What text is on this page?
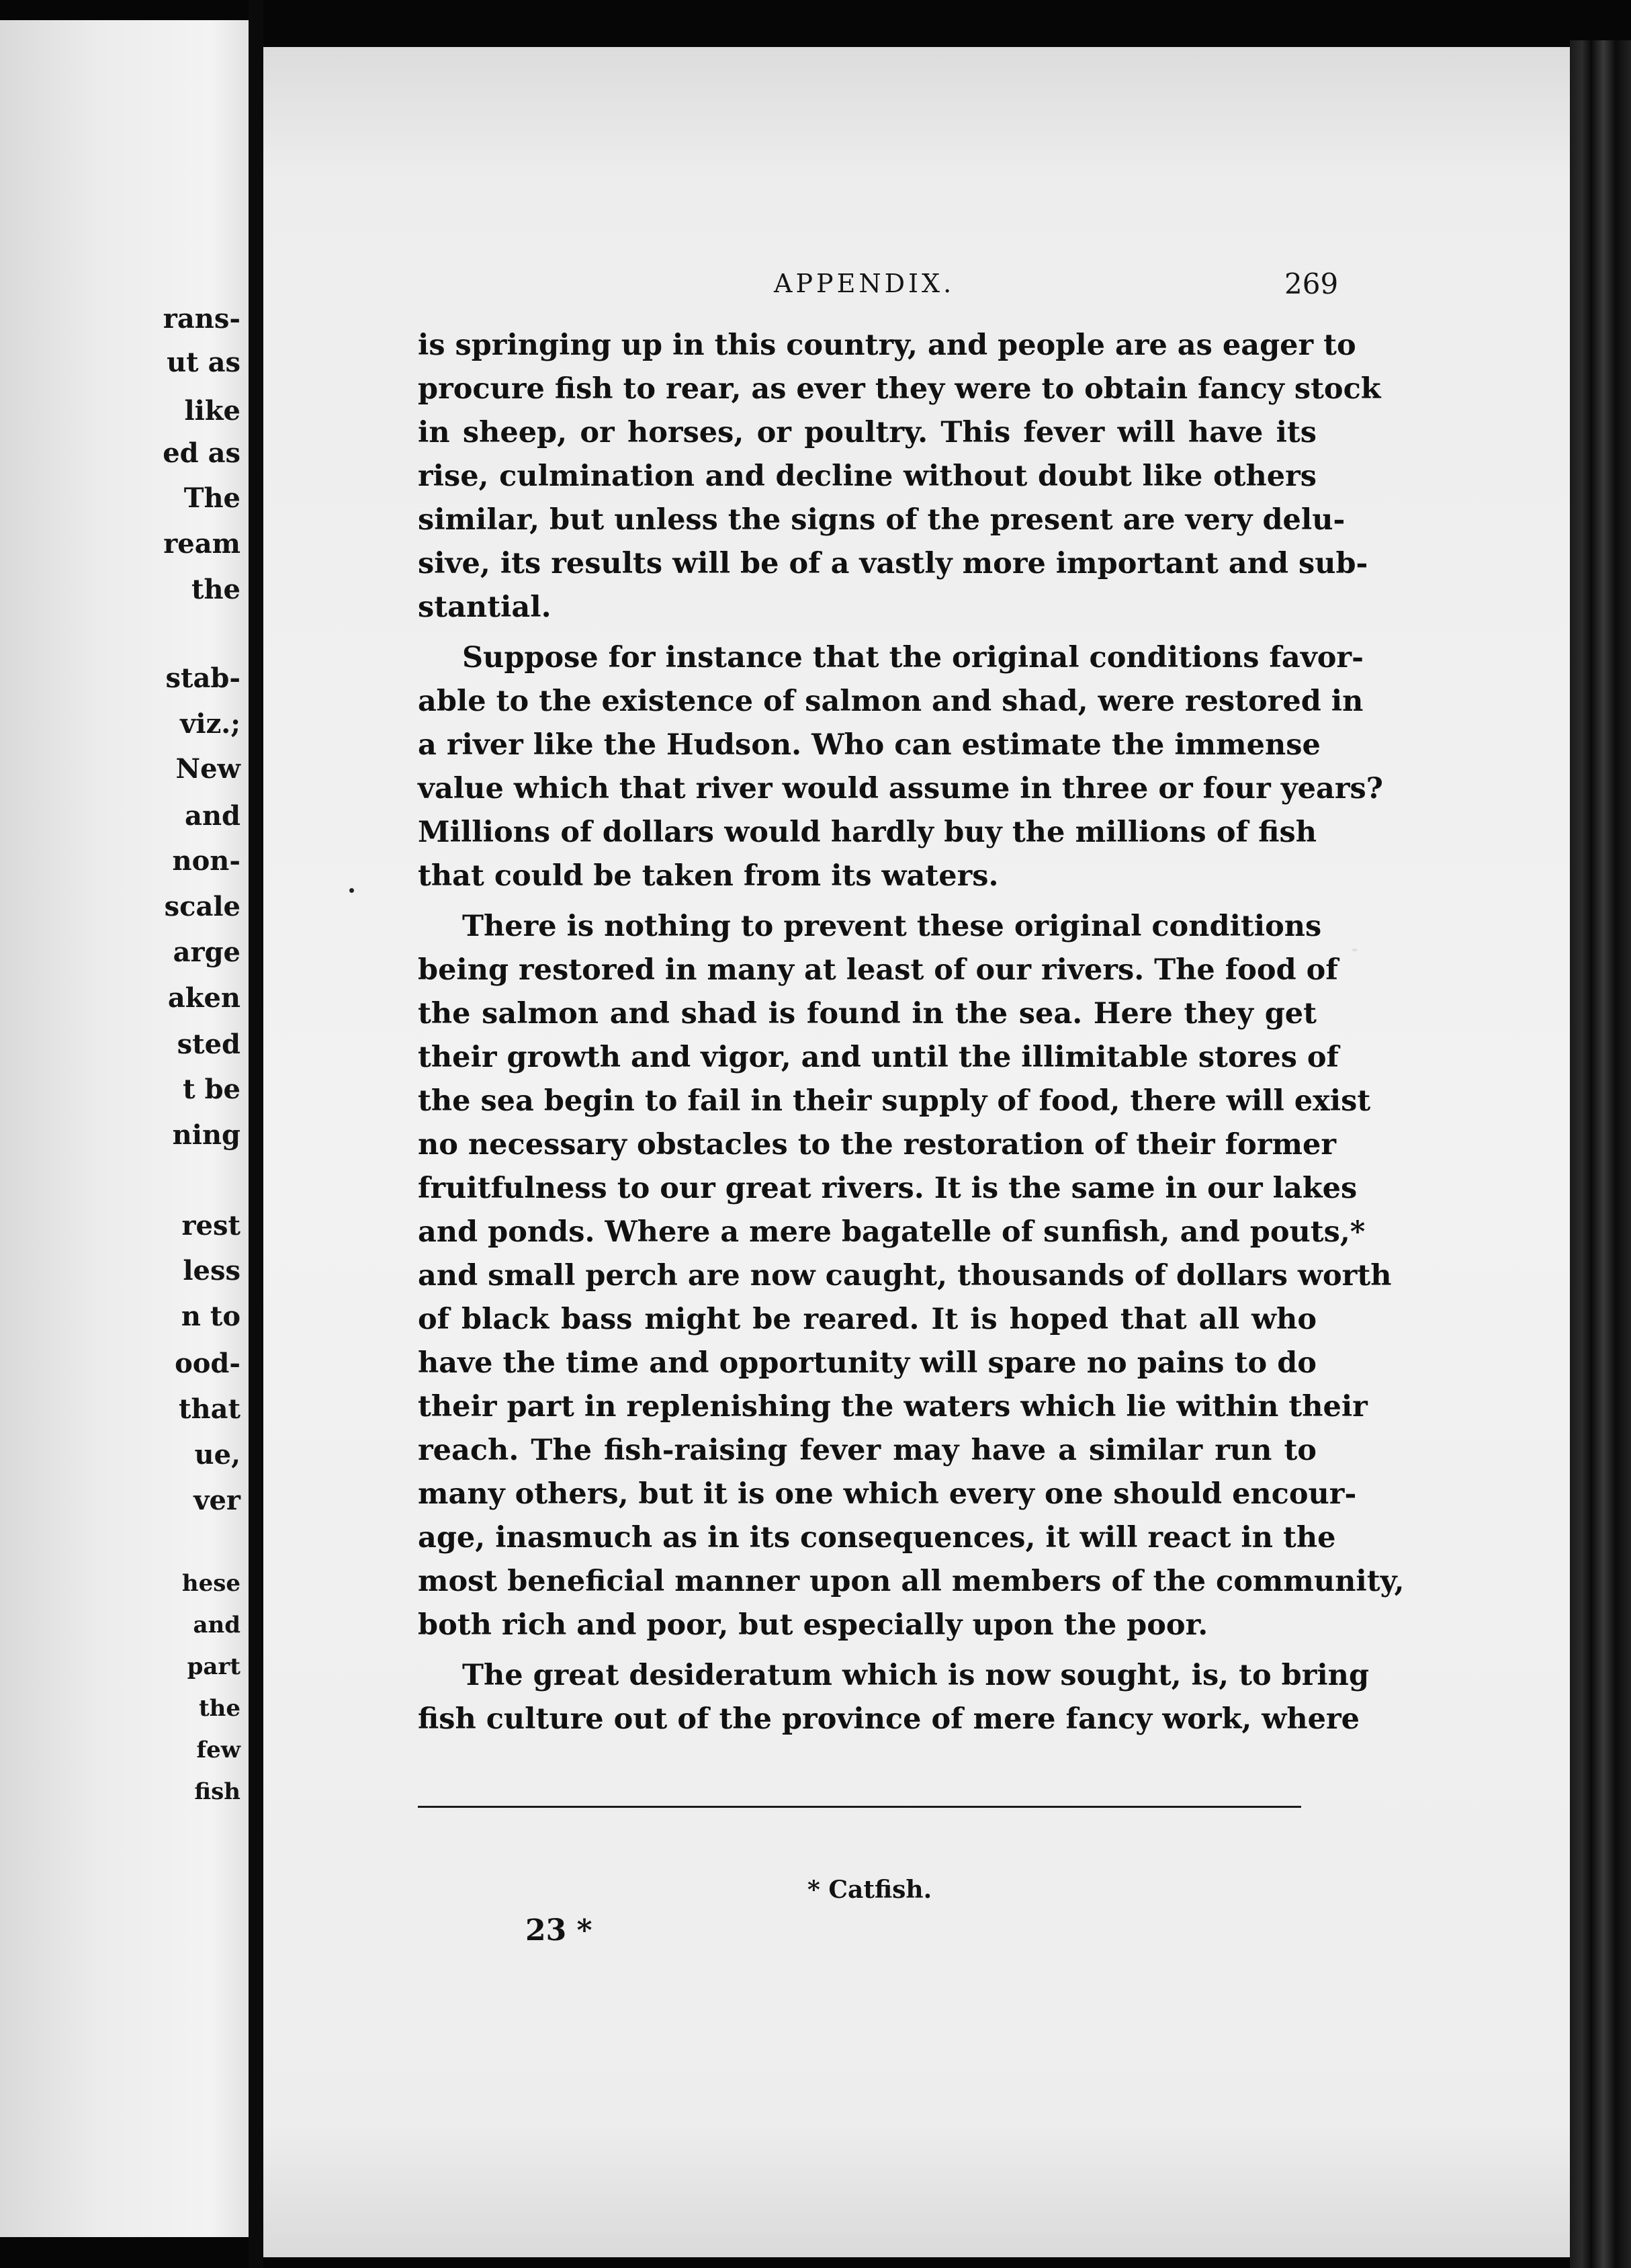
rans-
ut as
like
ed as
The
ream
the
stab-
viz.;
New
and
non-
scale
arge
aken
sted
t be
ning
rest
less
n to
ood-
that
ue,
ver
hese
and
part
the
few
fish
APPENDIX.	269
is springing up in this country, and people are as eager to
procure fish to rear, as ever they were to obtain fancy stock
in sheep, or horses, or poultry. This fever will have its
rise, culmination and decline without doubt like others
similar, but unless the signs of the present are very delu-
sive, its results will be of a vastly more important and sub-
stantial.
Suppose for instance that the original conditions favor-
able to the existence of salmon and shad, were restored in
a river like the Hudson. Who can estimate the immense
value which that river would assume in three or four years?
Millions of dollars would hardly buy the millions of fish
that could be taken from its waters.
There is nothing to prevent these original conditions
being restored in many at least of our rivers. The food of
the salmon and shad is found in the sea. Here they get
their growth and vigor, and until the illimitable stores of
the sea begin to fail in their supply of food, there will exist
no necessary obstacles to the restoration of their former
fruitfulness to our great rivers. It is the same in our lakes
and ponds. Where a mere bagatelle of sunfish, and pouts,*
and small perch are now caught, thousands of dollars worth
of black bass might be reared. It is hoped that all who
have the time and opportunity will spare no pains to do
their part in replenishing the waters which lie within their
reach. The fish-raising fever may have a similar run to
many others, but it is one which every one should encour-
age, inasmuch as in its consequences, it will react in the
most beneficial manner upon all members of the community,
both rich and poor, but especially upon the poor.
The great desideratum which is now sought, is, to bring
fish culture out of the province of mere fancy work, where
* Catfish.
23 *
